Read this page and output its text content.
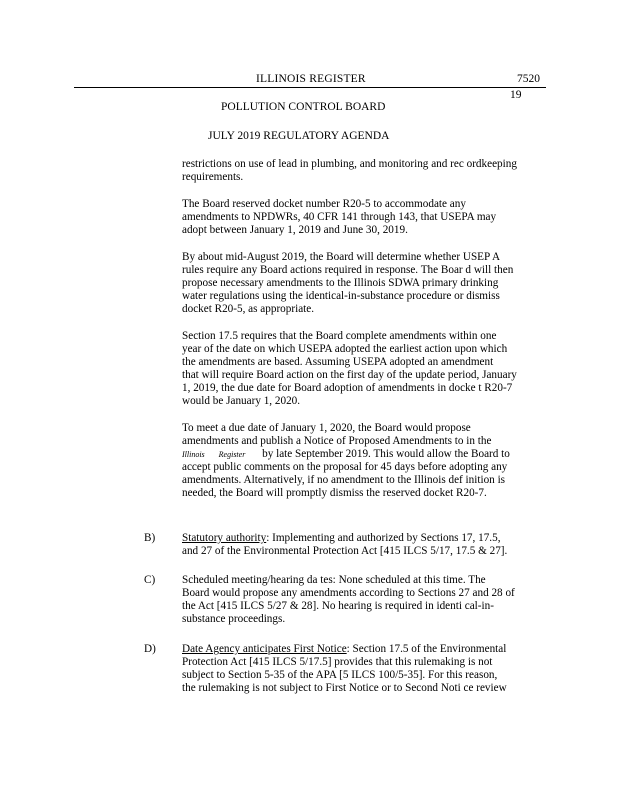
ILLINOIS REGISTER	7520
19
POLLUTION CONTROL BOARD
JULY 2019 REGULATORY AGENDA

restrictions on use of lead in plumbing, and monitoring and rec ordkeeping
requirements.

The Board reserved docket number R20-5 to accommodate any
amendments to NPDWRs, 40 CFR 141 through 143, that USEPA may
adopt between January 1, 2019 and June 30, 2019.

By about mid-August 2019, the Board will determine whether USEP A
rules require any Board actions required in response. The Boar d will then
propose necessary amendments to the Illinois SDWA primary drinking
water regulations using the identical-in-substance procedure or dismiss
docket R20-5, as appropriate.

Section 17.5 requires that the Board complete amendments within one
year of the date on which USEPA adopted the earliest action upon which
the amendments are based. Assuming USEPA adopted an amendment
that will require Board action on the first day of the update period, January
1, 2019, the due date for Board adoption of amendments in docke t R20-7
would be January 1, 2020.

To meet a due date of January 1, 2020, the Board would propose
amendments and publish a Notice of Proposed Amendments to in the
Illinois Register by late September 2019. This would allow the Board to
accept public comments on the proposal for 45 days before adopting any
amendments. Alternatively, if no amendment to the Illinois def inition is
needed, the Board will promptly dismiss the reserved docket R20-7.

B) Statutory authority: Implementing and authorized by Sections 17, 17.5,
and 27 of the Environmental Protection Act [415 ILCS 5/17, 17.5 & 27].
C) Scheduled meeting/hearing da tes: None scheduled at this time. The
Board would propose any amendments according to Sections 27 and 28 of
the Act [415 ILCS 5/27 & 28]. No hearing is required in identi cal-in-
substance proceedings.
D) Date Agency anticipates First Notice: Section 17.5 of the Environmental
Protection Act [415 ILCS 5/17.5] provides that this rulemaking is not
subject to Section 5-35 of the APA [5 ILCS 100/5-35]. For this reason,
the rulemaking is not subject to First Notice or to Second Noti ce review
